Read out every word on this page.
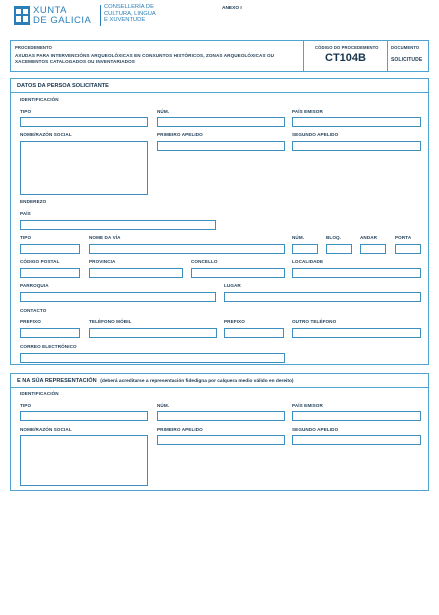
XUNTA
DE GALICIA
CONSELLERÍA DE
CULTURA, LINGUA
E XUVENTUDE
ANEXO I
PROCEDEMENTO
AXUDAS PARA INTERVENCIÓNS ARQUEOLÓXICAS EN CONXUNTOS HISTÓRICOS, ZONAS ARQUEOLÓXICAS OU
XACEMENTOS CATALOGADOS OU INVENTARIADOS
CÓDIGO DO PROCEDEMENTO
CT104B
DOCUMENTO
SOLICITUDE
DATOS DA PERSOA SOLICITANTE
IDENTIFICACIÓN
TIPO	NÚM.	PAÍS EMISOR
NOME/RAZÓN SOCIAL	PRIMEIRO APELIDO	SEGUNDO APELIDO
ENDEREZO
PAÍS
TIPO	NOME DA VÍA	NÚM.	BLOQ.	ANDAR	PORTA
CÓDIGO POSTAL	PROVINCIA	CONCELLO	LOCALIDADE
PARROQUIA	LUGAR
CONTACTO
PREFIXO	TELÉFONO MÓBIL	PREFIXO	OUTRO TELÉFONO
CORREO ELECTRÓNICO
E NA SÚA REPRESENTACIÓN (deberá acreditarse a representación fidedigna por calquera medio válido en dereito)
IDENTIFICACIÓN
TIPO	NÚM.	PAÍS EMISOR
NOME/RAZÓN SOCIAL	PRIMEIRO APELIDO	SEGUNDO APELIDO
